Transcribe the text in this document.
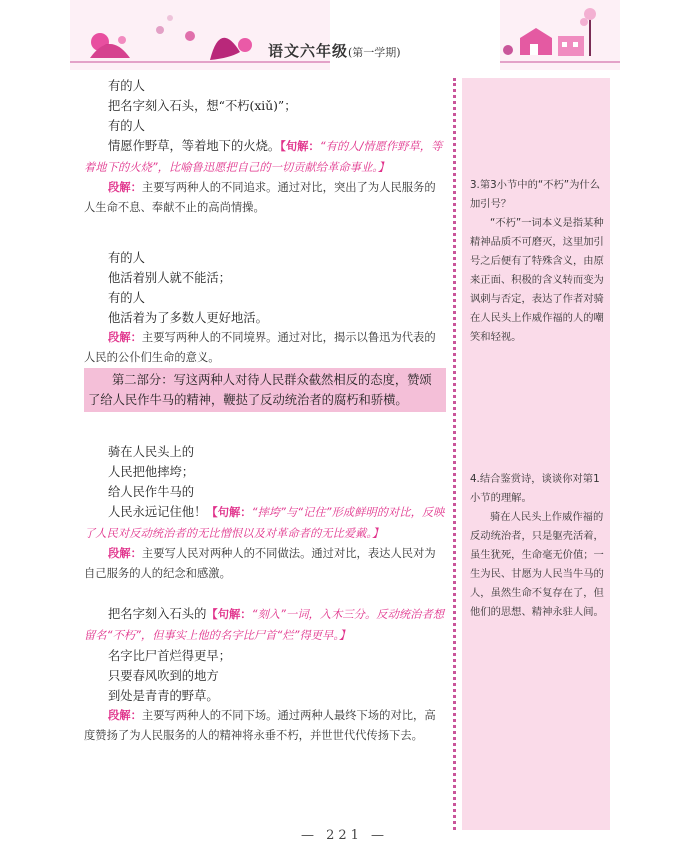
语文六年级(第一学期)

有的人

把名字刻入石头，想“不朽(xiǔ)”；

有的人

情愿作野草，等着地下的火烧。【旬解：“有的人/情愿作野草，等着地下的火烧”，比喻鲁迅愿把自己的一切贡献给革命事业。】

段解：主要写两种人的不同追求。通过对比，突出了为人民服务的人生命不息、奉献不止的高尚情操。

有的人

他活着别人就不能活；

有的人

他活着为了多数人更好地活。

段解：主要写两种人的不同境界。通过对比，揭示以鲁迅为代表的人民的公仆们生命的意义。

第二部分：写这两种人对待人民群众截然相反的态度，赞颂了给人民作牛马的精神，鞭挞了反动统治者的腐朽和骄横。

骑在人民头上的

人民把他摔垮；

给人民作牛马的

人民永远记住他！【句解：“摔垮”与“记住”形成鲜明的对比，反映了人民对反动统治者的无比憎恨以及对革命者的无比爱戴。】

段解：主要写人民对两种人的不同做法。通过对比，表达人民对为自己服务的人的纪念和感激。

把名字刻入石头的【句解：“刻入”一词，入木三分。反动统治者想留名“不朽”，但事实上他的名字比尸首“烂”得更早。】

名字比尸首烂得更早；

只要春风吹到的地方

到处是青青的野草。

段解：主要写两种人的不同下场。通过两种人最终下场的对比，高度赞扬了为人民服务的人的精神将永垂不朽，并世世代代传扬下去。

3.第3小节中的“不朽”为什么加引号？

“不朽”一词本义是指某种精神品质不可磨灭，这里加引号之后便有了特殊含义，由原来正面、积极的含义转而变为讽刺与否定，表达了作者对骑在人民头上作威作福的人的嘲笑和轻视。

4.结合鉴赏诗，谈谈你对第1小节的理解。

骑在人民头上作威作福的反动统治者，只是躯壳活着，虽生犹死，生命毫无价值；一生为民、甘愿为人民当牛马的人，虽然生命不复存在了，但他们的思想、精神永驻人间。

— 221 —
